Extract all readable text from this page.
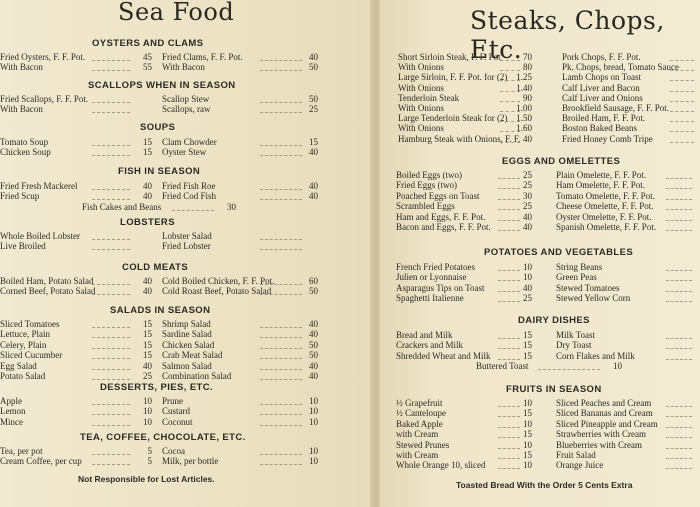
Sea Food
OYSTERS AND CLAMS
Fried Oysters, F. F. Pot.	45 Fried Clams, F. F. Pot.	40
With Bacon	55 With Bacon	50
SCALLOPS WHEN IN SEASON
Fried Scallops, F. F. Pot.	Scallop Stew	50
With Bacon	Scallops, raw	25
SOUPS
Tomato Soup	15 Clam Chowder	15
Chicken Soup	15 Oyster Stew	40
FISH IN SEASON
Fried Fresh Mackerel	40 Fried Fish Roe	40
Fried Scup	40 Fried Cod Fish	40
Fish Cakes and Beans	30
LOBSTERS
Whole Boiled Lobster	Lobster Salad
Live Broiled	Fried Lobster
COLD MEATS
Boiled Ham, Potato Salad	40 Cold Boiled Chicken, F. F. Pot.	60
Corned Beef, Potato Salad	40 Cold Roast Beef, Potato Salad	50
SALADS IN SEASON
Sliced Tomatoes	15 Shrimp Salad	40
Lettuce, Plain	15 Sardine Salad	40
Celery, Plain	15 Chicken Salad	50
Sliced Cucumber	15 Crab Meat Salad	50
Egg Salad	40 Salmon Salad	40
Potato Salad	25 Combination Salad	40
DESSERTS, PIES, ETC.
Apple	10 Prune	10
Lemon	10 Custard	10
Mince	10 Coconut	10
TEA, COFFEE, CHOCOLATE, ETC.
Tea, per pot	5 Cocoa	10
Cream Coffee, per cup	5 Milk, per bottle	10
Not Responsible for Lost Articles.
Steaks, Chops, Etc.
Short Sirloin Steak, F. F. Pot	70	Pork Chops, F. F. Pot.
With Onions	80	Pk. Chops, bread, Tomato Sauce
Large Sirloin, F. F. Pot. for (2) 1.25	Lamb Chops on Toast
With Onions	1.40	Calf Liver and Bacon
Tenderloin Steak	90	Calf Liver and Onions
With Onions	1.00	Brookfield Sausage, F. F. Pot.
Large Tenderloin Steak for (2) 1.50	Broiled Ham, F. F. Pot.
With Onions	1.60	Boston Baked Beans
Hamburg Steak with Onions, F. F. 40	Fried Honey Comb Tripe
EGGS AND OMELETTES
Boiled Eggs (two)	25	Plain Omelette, F. F. Pot.
Fried Eggs (two)	25	Ham Omelette, F. F. Pot.
Poached Eggs on Toast	30	Tomato Omelette, F. F. Pot.
Scrambled Eggs	25	Cheese Omelette, F. F. Pot.
Ham and Eggs, F. F. Pot.	40	Oyster Omelette, F. F. Pot.
Bacon and Eggs, F. F. Pot.	40	Spanish Omelette, F. F. Pot.
POTATOES AND VEGETABLES
French Fried Potatoes	10	String Beans
Julien or Lyonnaise	10	Green Peas
Asparagus Tips on Toast	40	Stewed Tomatoes
Spaghetti Italienne	25	Stewed Yellow Corn
DAIRY DISHES
Bread and Milk	15	Milk Toast
Crackers and Milk	15	Dry Toast
Shredded Wheat and Milk	15	Corn Flakes and Milk
Buttered Toast	10
FRUITS IN SEASON
½ Grapefruit	10	Sliced Peaches and Cream
½ Canteloupe	15	Sliced Bananas and Cream
Baked Apple	10	Sliced Pineapple and Cream
with Cream	15	Strawberries with Cream
Stewed Prunes	10	Blueberries with Cream
with Cream	15	Fruit Salad
Whole Orange 10, sliced	10	Orange Juice
Toasted Bread With the Order 5 Cents Extra
